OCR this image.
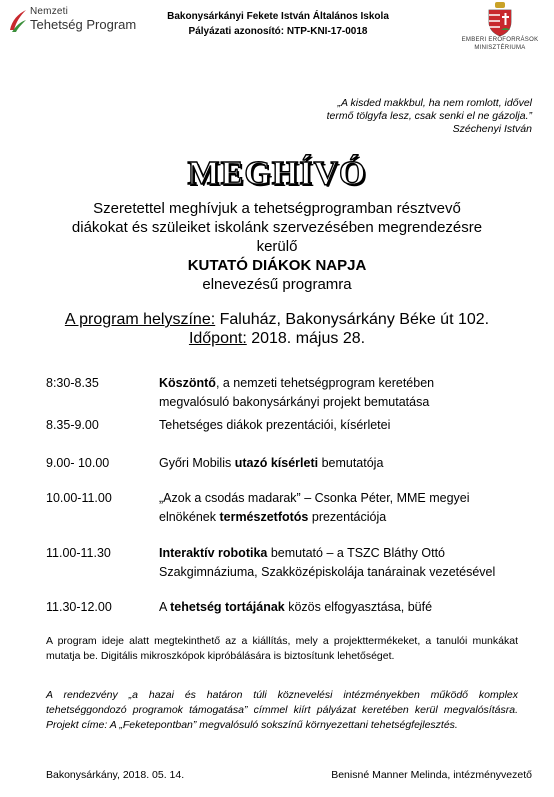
Nemzeti
Tehetség Program
Bakonysárkányi Fekete István Általános Iskola
Pályázati azonosító: NTP-KNI-17-0018
EMBERI ERŐFORRÁSOK
MINISZTÉRIUMA
„A kisded makkbul, ha nem romlott, idővel
termő tölgyfa lesz, csak senki el ne gázolja.”
Széchenyi István
MEGHÍVÓ
Szeretettel meghívjuk a tehetségprogramban résztvevő
diákokat és szüleiket iskolánk szervezésében megrendezésre
kerülő
KUTATÓ DIÁKOK NAPJA
elnevezésű programra
A program helyszíne: Faluház, Bakonysárkány Béke út 102.
Időpont: 2018. május 28.
8:30-8.35	Köszöntő, a nemzeti tehetségprogram keretében
megvalósuló bakonysárkányi projekt bemutatása
8.35-9.00	Tehetséges diákok prezentációi, kísérletei
9.00- 10.00	Győri Mobilis utazó kísérleti bemutatója
10.00-11.00	„Azok a csodás madarak” – Csonka Péter, MME megyei
elnökének természetfotós prezentációja
11.00-11.30	Interaktív robotika bemutató – a TSZC Bláthy Ottó
Szakgimnáziuma, Szakközépiskolája tanárainak vezetésével
11.30-12.00	A tehetség tortájának közös elfogyasztása, büfé
A program ideje alatt megtekinthető az a kiállítás, mely a projekttermékeket, a tanulói munkákat mutatja be. Digitális mikroszkópok kipróbálására is biztosítunk lehetőséget.
A rendezvény „a hazai és határon túli köznevelési intézményekben működő komplex tehetséggondozó programok támogatása” címmel kiírt pályázat keretében kerül megvalósításra. Projekt címe: A „Feketepontban” megvalósuló sokszínű környezettani tehetségfejlesztés.
Bakonysárkány, 2018. 05. 14.	Benisné Manner Melinda, intézményvezető
